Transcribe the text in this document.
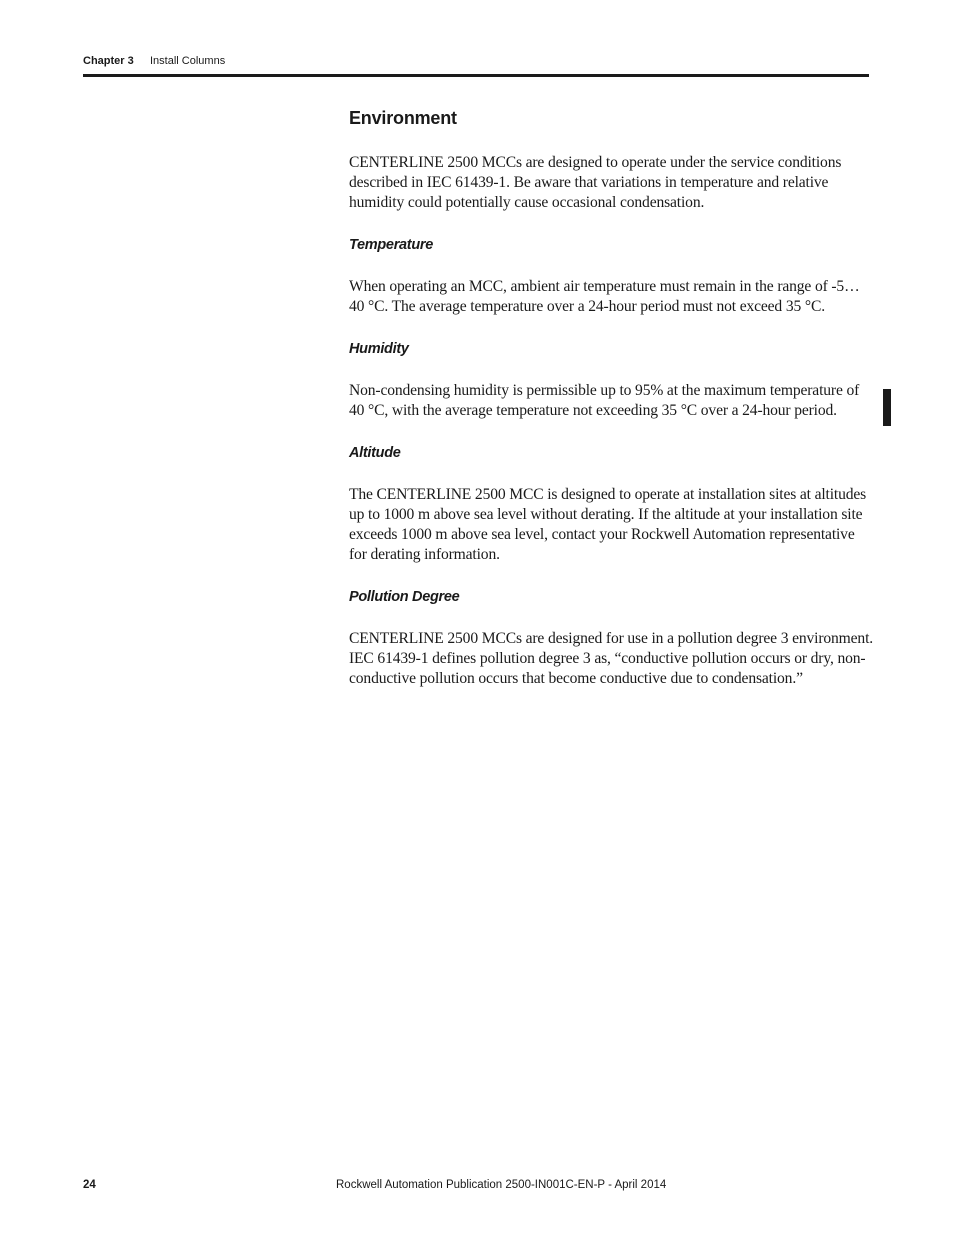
Chapter 3 Install Columns
Environment

CENTERLINE 2500 MCCs are designed to operate under the service conditions described in IEC 61439-1. Be aware that variations in temperature and relative humidity could potentially cause occasional condensation.

Temperature

When operating an MCC, ambient air temperature must remain in the range of -5…40 °C. The average temperature over a 24-hour period must not exceed 35 °C.

Humidity

Non-condensing humidity is permissible up to 95% at the maximum temperature of 40 °C, with the average temperature not exceeding 35 °C over a 24-hour period.

Altitude

The CENTERLINE 2500 MCC is designed to operate at installation sites at altitudes up to 1000 m above sea level without derating. If the altitude at your installation site exceeds 1000 m above sea level, contact your Rockwell Automation representative for derating information.

Pollution Degree

CENTERLINE 2500 MCCs are designed for use in a pollution degree 3 environment. IEC 61439-1 defines pollution degree 3 as, “conductive pollution occurs or dry, non-conductive pollution occurs that become conductive due to condensation.”

24	Rockwell Automation Publication 2500-IN001C-EN-P - April 2014
